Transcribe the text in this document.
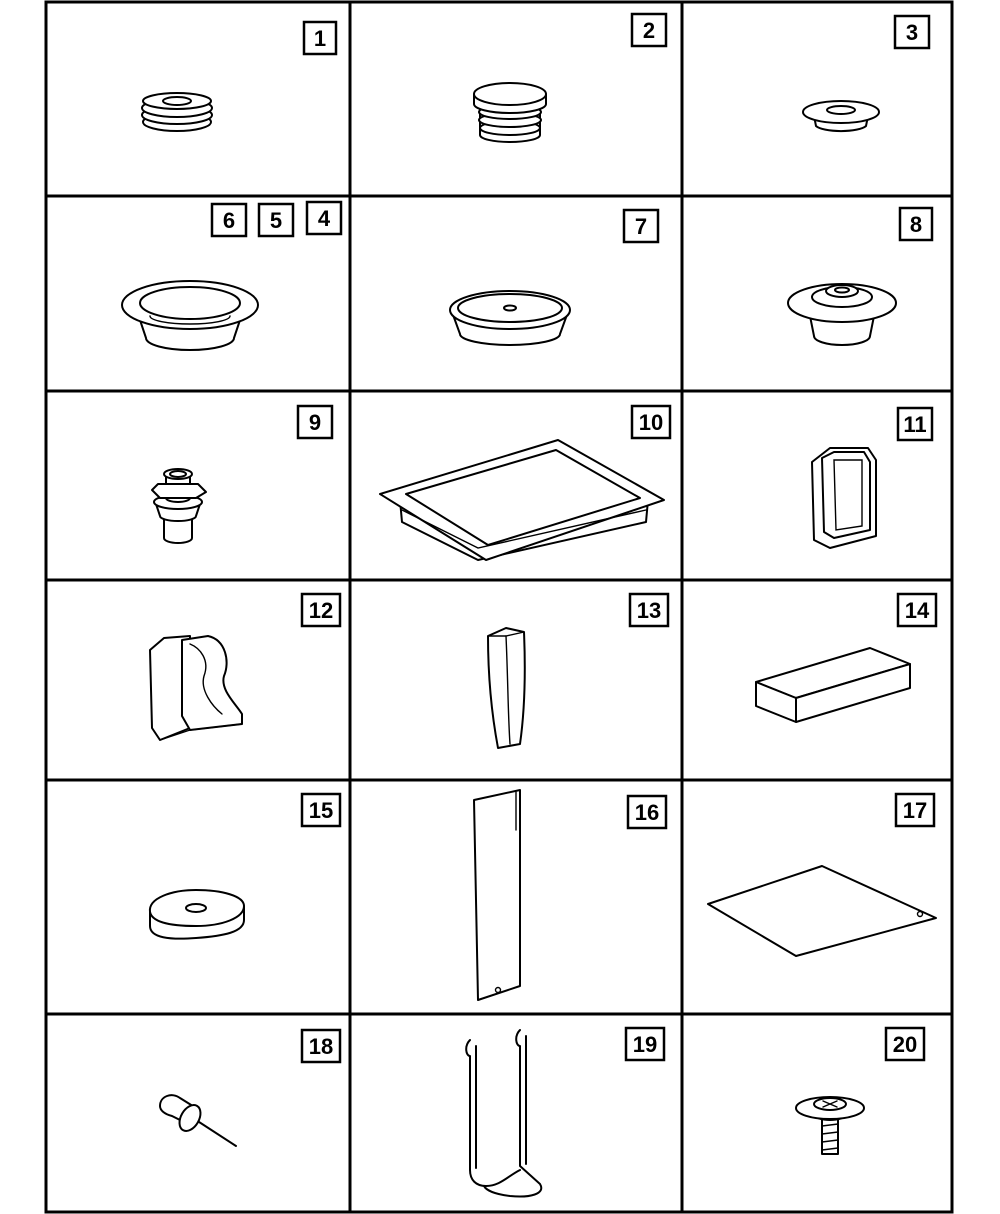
1	2	3
6 5 4	7	8
9	10	11
12	13	14
15	16	17
18	19	20
